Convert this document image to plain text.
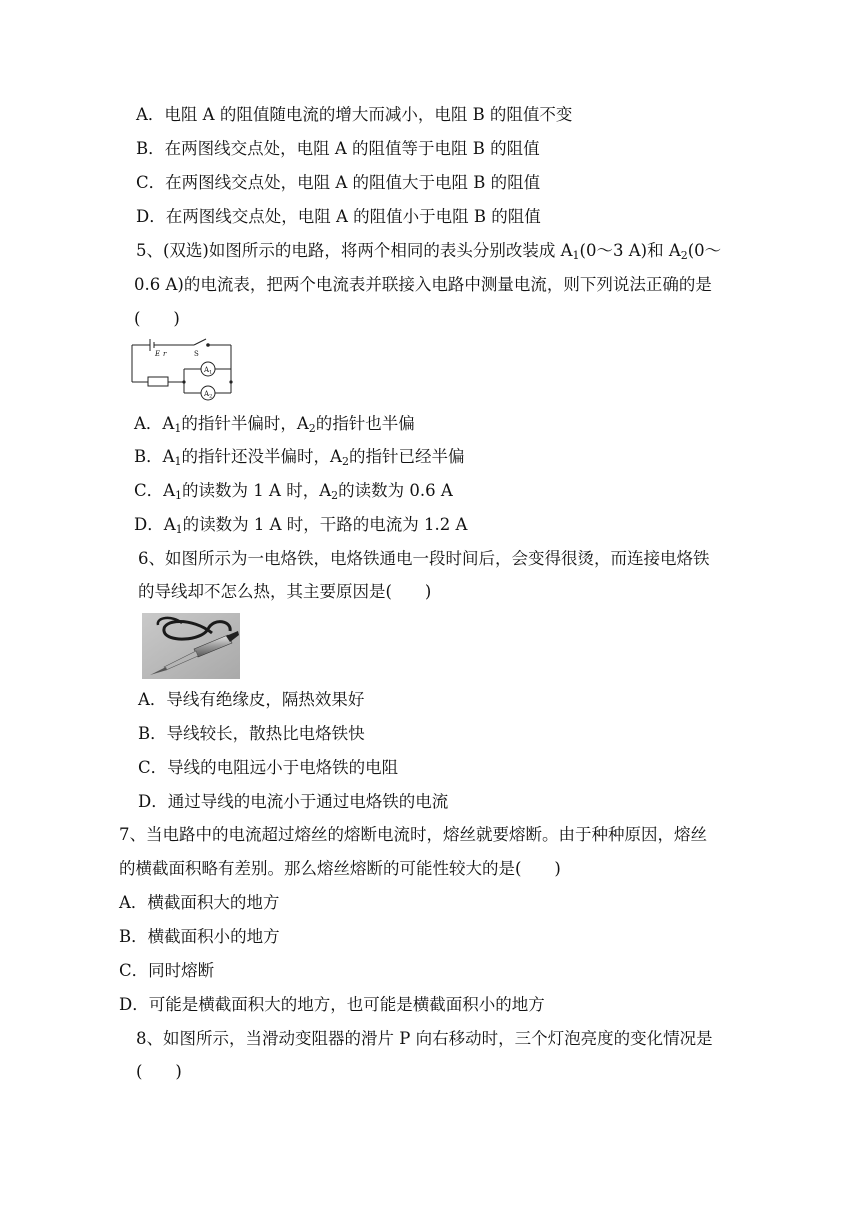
A．电阻 A 的阻值随电流的增大而减小，电阻 B 的阻值不变
B．在两图线交点处，电阻 A 的阻值等于电阻 B 的阻值
C．在两图线交点处，电阻 A 的阻值大于电阻 B 的阻值
D．在两图线交点处，电阻 A 的阻值小于电阻 B 的阻值
5、(双选)如图所示的电路，将两个相同的表头分别改装成 $A_1(0\sim 3$ A)和 $A_2(0\sim$
0.6 A)的电流表，把两个电流表并联接入电路中测量电流，则下列说法正确的是
(　　)
E r	S
$A_1$
$A_2$
A．$A_1$的指针半偏时，$A_2$的指针也半偏
B．$A_1$的指针还没半偏时，$A_2$的指针已经半偏
C．$A_1$的读数为 1 A 时，$A_2$的读数为 0.6 A
D．$A_1$的读数为 1 A 时，干路的电流为 1.2 A
6、如图所示为一电烙铁，电烙铁通电一段时间后，会变得很烫，而连接电烙铁
的导线却不怎么热，其主要原因是(　　)
A．导线有绝缘皮，隔热效果好
B．导线较长，散热比电烙铁快
C．导线的电阻远小于电烙铁的电阻
D．通过导线的电流小于通过电烙铁的电流
7、当电路中的电流超过熔丝的熔断电流时，熔丝就要熔断。由于种种原因，熔丝
的横截面积略有差别。那么熔丝熔断的可能性较大的是(　　)
A．横截面积大的地方
B．横截面积小的地方
C．同时熔断
D．可能是横截面积大的地方，也可能是横截面积小的地方
8、如图所示，当滑动变阻器的滑片 P 向右移动时，三个灯泡亮度的变化情况是
(　　)
